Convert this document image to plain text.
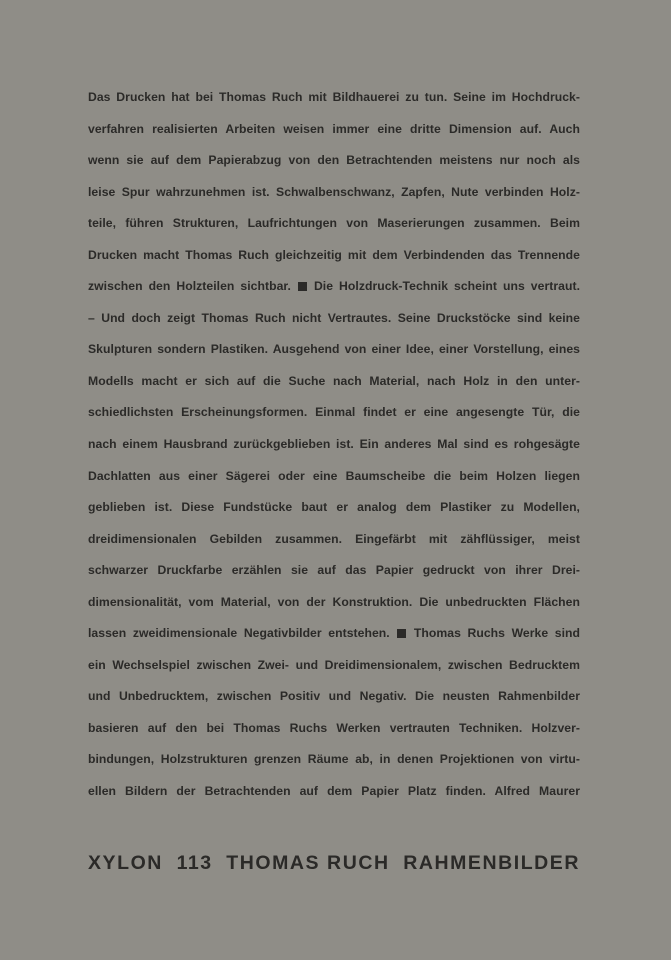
Das Drucken hat bei Thomas Ruch mit Bildhauerei zu tun. Seine im Hochdruck-
verfahren realisierten Arbeiten weisen immer eine dritte Dimension auf. Auch
wenn sie auf dem Papierabzug von den Betrachtenden meistens nur noch als
leise Spur wahrzunehmen ist. Schwalbenschwanz, Zapfen, Nute verbinden Holz-
teile, führen Strukturen, Laufrichtungen von Maserierungen zusammen. Beim
Drucken macht Thomas Ruch gleichzeitig mit dem Verbindenden das Trennende
zwischen den Holzteilen sichtbar. Die Holzdruck-Technik scheint uns vertraut.
– Und doch zeigt Thomas Ruch nicht Vertrautes. Seine Druckstöcke sind keine
Skulpturen sondern Plastiken. Ausgehend von einer Idee, einer Vorstellung, eines
Modells macht er sich auf die Suche nach Material, nach Holz in den unter-
schiedlichsten Erscheinungsformen. Einmal findet er eine angesengte Tür, die
nach einem Hausbrand zurückgeblieben ist. Ein anderes Mal sind es rohgesägte
Dachlatten aus einer Sägerei oder eine Baumscheibe die beim Holzen liegen
geblieben ist. Diese Fundstücke baut er analog dem Plastiker zu Modellen,
dreidimensionalen Gebilden zusammen. Eingefärbt mit zähflüssiger, meist
schwarzer Druckfarbe erzählen sie auf das Papier gedruckt von ihrer Drei-
dimensionalität, vom Material, von der Konstruktion. Die unbedruckten Flächen
lassen zweidimensionale Negativbilder entstehen. Thomas Ruchs Werke sind
ein Wechselspiel zwischen Zwei- und Dreidimensionalem, zwischen Bedrucktem
und Unbedrucktem, zwischen Positiv und Negativ. Die neusten Rahmenbilder
basieren auf den bei Thomas Ruchs Werken vertrauten Techniken. Holzver-
bindungen, Holzstrukturen grenzen Räume ab, in denen Projektionen von virtu-
ellen Bildern der Betrachtenden auf dem Papier Platz finden. Alfred Maurer
XYLON 113 THOMAS RUCH RAHMENBILDER
